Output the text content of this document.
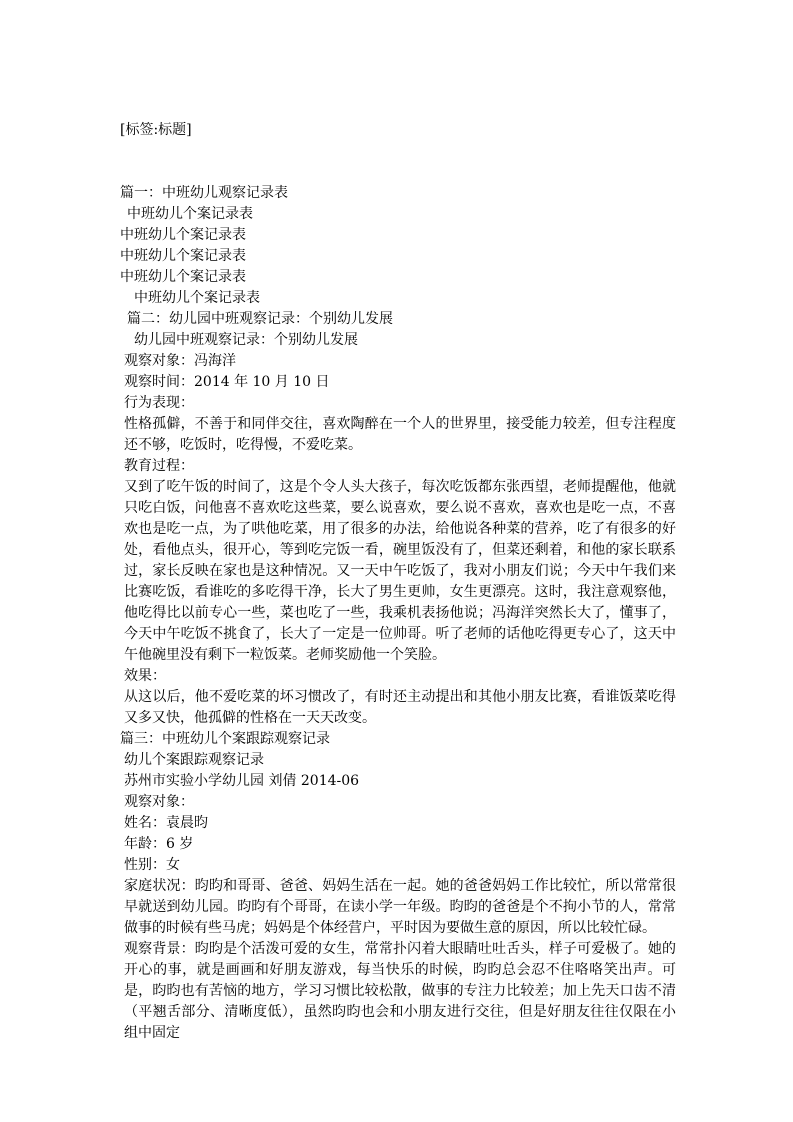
[标签:标题]
篇一：中班幼儿观察记录表
中班幼儿个案记录表
中班幼儿个案记录表
中班幼儿个案记录表
中班幼儿个案记录表
中班幼儿个案记录表
篇二：幼儿园中班观察记录：个别幼儿发展
幼儿园中班观察记录：个别幼儿发展
观察对象：冯海洋
观察时间：2014 年 10 月 10 日
行为表现：
性格孤僻，不善于和同伴交往，喜欢陶醉在一个人的世界里，接受能力较差，但专注程度还不够，吃饭时，吃得慢，不爱吃菜。
教育过程：
又到了吃午饭的时间了，这是个令人头大孩子，每次吃饭都东张西望，老师提醒他，他就只吃白饭，问他喜不喜欢吃这些菜，要么说喜欢，要么说不喜欢，喜欢也是吃一点，不喜欢也是吃一点，为了哄他吃菜，用了很多的办法，给他说各种菜的营养，吃了有很多的好处，看他点头，很开心，等到吃完饭一看，碗里饭没有了，但菜还剩着，和他的家长联系过，家长反映在家也是这种情况。又一天中午吃饭了，我对小朋友们说；今天中午我们来比赛吃饭，看谁吃的多吃得干净，长大了男生更帅，女生更漂亮。这时，我注意观察他，他吃得比以前专心一些，菜也吃了一些，我乘机表扬他说；冯海洋突然长大了，懂事了，今天中午吃饭不挑食了，长大了一定是一位帅哥。听了老师的话他吃得更专心了，这天中午他碗里没有剩下一粒饭菜。老师奖励他一个笑脸。
效果：
从这以后，他不爱吃菜的坏习惯改了，有时还主动提出和其他小朋友比赛，看谁饭菜吃得又多又快，他孤僻的性格在一天天改变。
篇三：中班幼儿个案跟踪观察记录
幼儿个案跟踪观察记录
苏州市实验小学幼儿园 刘倩 2014-06
观察对象：
姓名：袁晨昀
年龄：6 岁
性别：女
家庭状况：昀昀和哥哥、爸爸、妈妈生活在一起。她的爸爸妈妈工作比较忙，所以常常很早就送到幼儿园。昀昀有个哥哥，在读小学一年级。昀昀的爸爸是个不拘小节的人，常常做事的时候有些马虎；妈妈是个体经营户，平时因为要做生意的原因，所以比较忙碌。
观察背景：昀昀是个活泼可爱的女生，常常扑闪着大眼睛吐吐舌头，样子可爱极了。她的开心的事，就是画画和好朋友游戏，每当快乐的时候，昀昀总会忍不住咯咯笑出声。可是，昀昀也有苦恼的地方，学习习惯比较松散，做事的专注力比较差；加上先天口齿不清（平翘舌部分、清晰度低），虽然昀昀也会和小朋友进行交往，但是好朋友往往仅限在小组中固定
